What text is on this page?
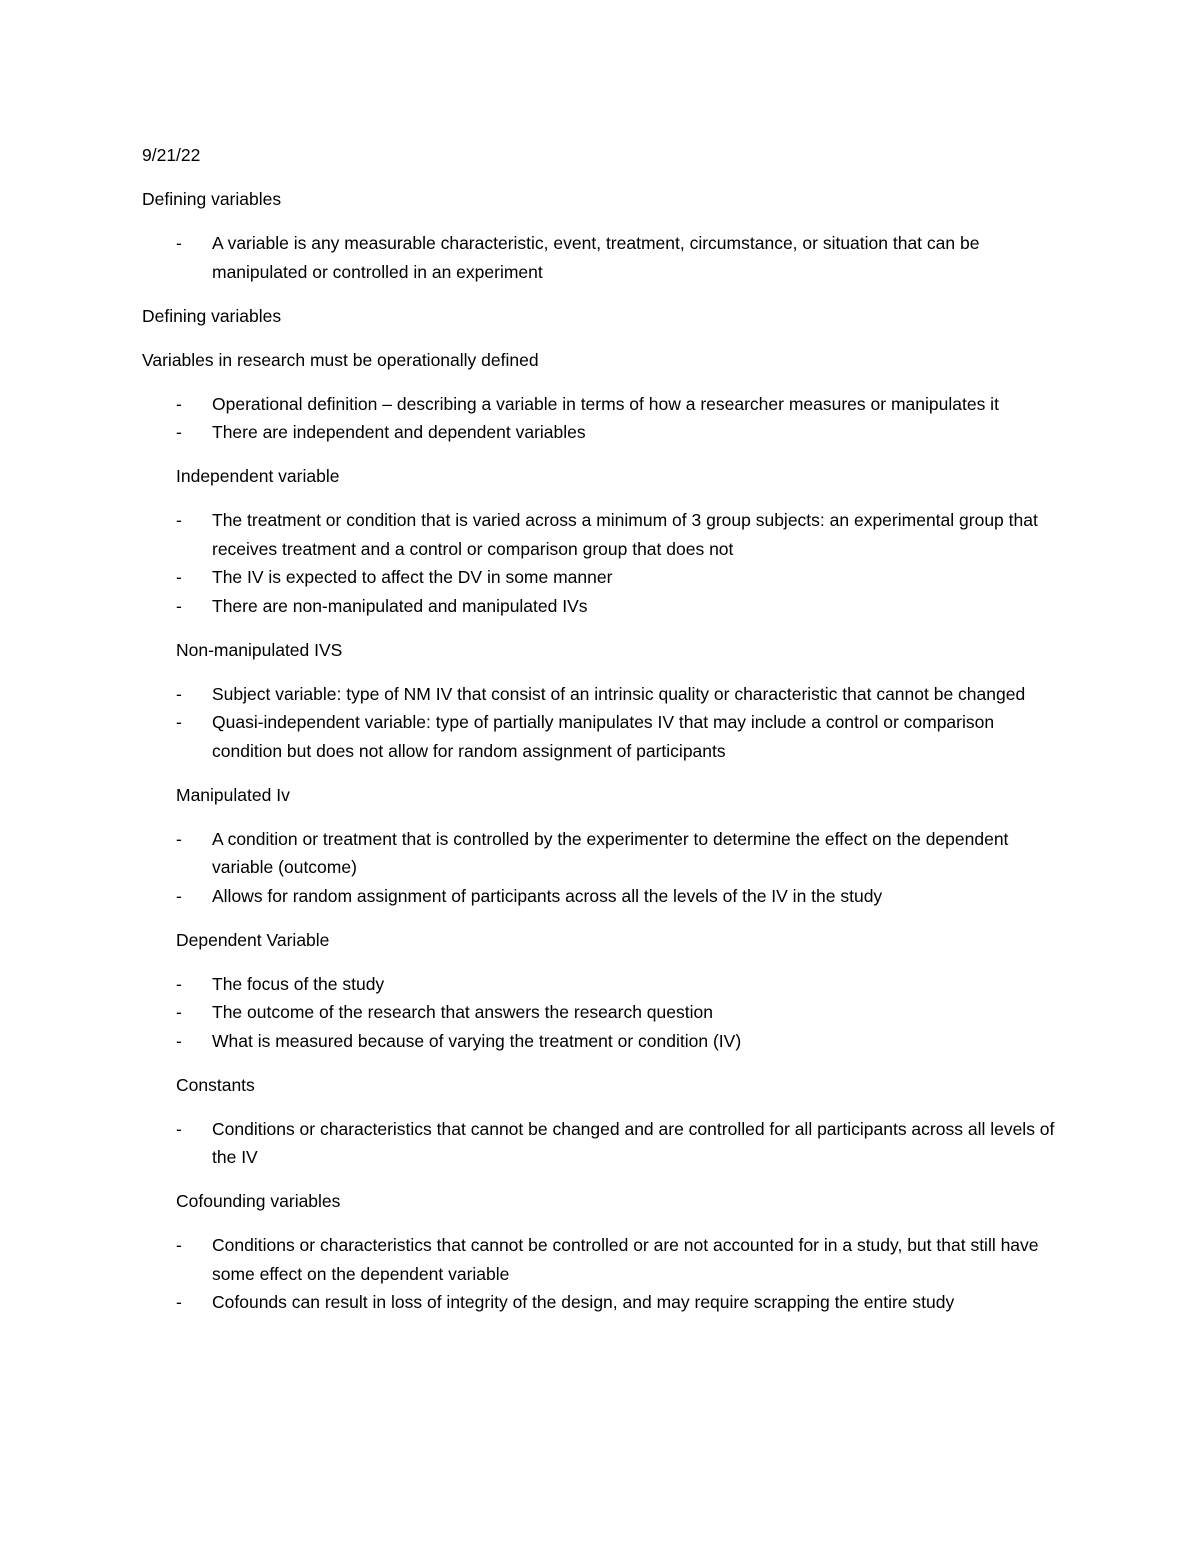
9/21/22
Defining variables
- A variable is any measurable characteristic, event, treatment, circumstance, or situation that can be manipulated or controlled in an experiment
Defining variables
Variables in research must be operationally defined
- Operational definition – describing a variable in terms of how a researcher measures or manipulates it
- There are independent and dependent variables
Independent variable
- The treatment or condition that is varied across a minimum of 3 group subjects: an experimental group that receives treatment and a control or comparison group that does not
- The IV is expected to affect the DV in some manner
- There are non-manipulated and manipulated IVs
Non-manipulated IVS
- Subject variable: type of NM IV that consist of an intrinsic quality or characteristic that cannot be changed
- Quasi-independent variable: type of partially manipulates IV that may include a control or comparison condition but does not allow for random assignment of participants
Manipulated Iv
- A condition or treatment that is controlled by the experimenter to determine the effect on the dependent variable (outcome)
- Allows for random assignment of participants across all the levels of the IV in the study
Dependent Variable
- The focus of the study
- The outcome of the research that answers the research question
- What is measured because of varying the treatment or condition (IV)
Constants
- Conditions or characteristics that cannot be changed and are controlled for all participants across all levels of the IV
Cofounding variables
- Conditions or characteristics that cannot be controlled or are not accounted for in a study, but that still have some effect on the dependent variable
- Cofounds can result in loss of integrity of the design, and may require scrapping the entire study
